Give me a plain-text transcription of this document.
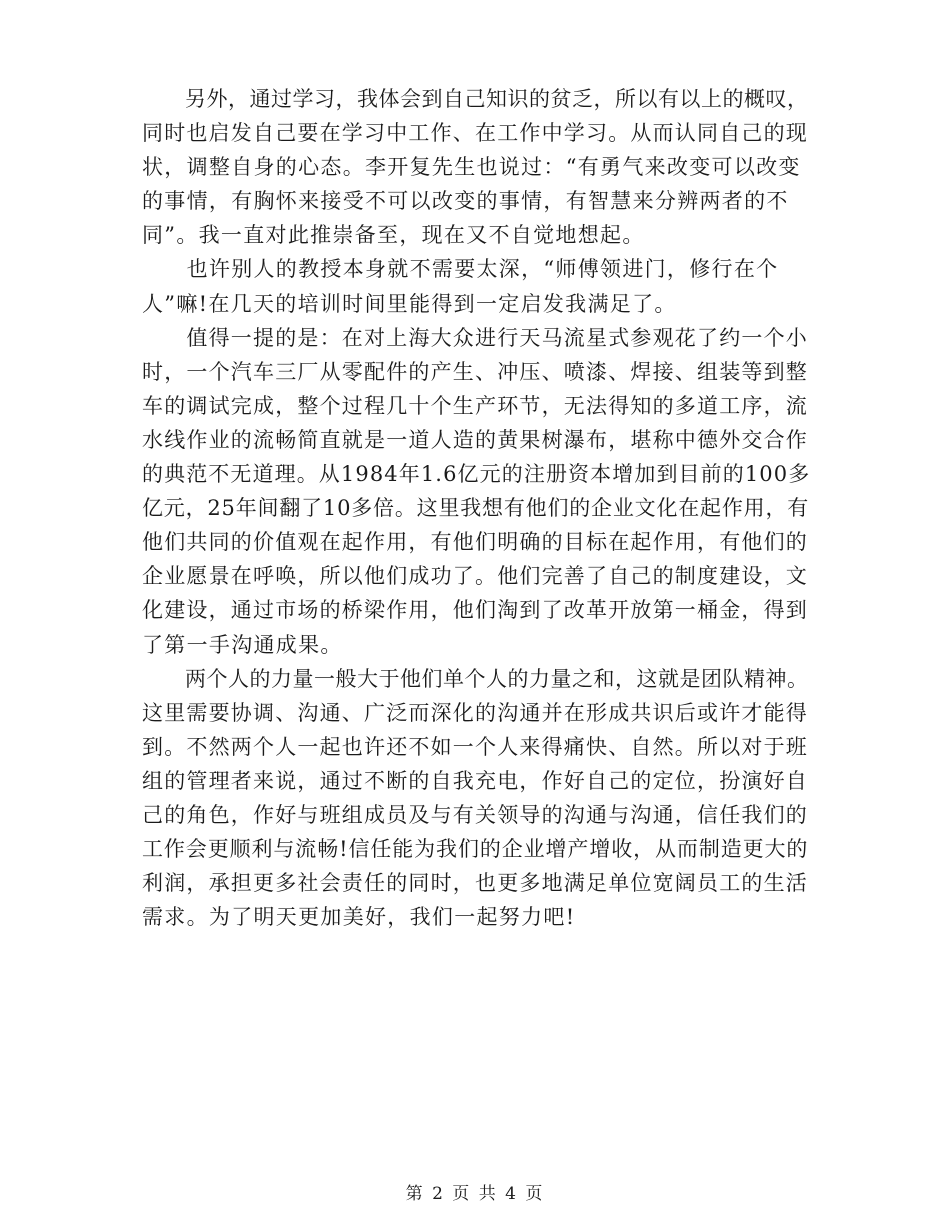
　　另外，通过学习，我体会到自己知识的贫乏，所以有以上的概叹，
同时也启发自己要在学习中工作、在工作中学习。从而认同自己的现
状，调整自身的心态。李开复先生也说过：“有勇气来改变可以改变
的事情，有胸怀来接受不可以改变的事情，有智慧来分辨两者的不
同”。我一直对此推崇备至，现在又不自觉地想起。
　　也许别人的教授本身就不需要太深，“师傅领进门，修行在个
人”嘛!在几天的培训时间里能得到一定启发我满足了。
　　值得一提的是：在对上海大众进行天马流星式参观花了约一个小
时，一个汽车三厂从零配件的产生、冲压、喷漆、焊接、组装等到整
车的调试完成，整个过程几十个生产环节，无法得知的多道工序，流
水线作业的流畅简直就是一道人造的黄果树瀑布，堪称中德外交合作
的典范不无道理。从1984年1.6亿元的注册资本增加到目前的100多
亿元，25年间翻了10多倍。这里我想有他们的企业文化在起作用，有
他们共同的价值观在起作用，有他们明确的目标在起作用，有他们的
企业愿景在呼唤，所以他们成功了。他们完善了自己的制度建设，文
化建设，通过市场的桥梁作用，他们淘到了改革开放第一桶金，得到
了第一手沟通成果。
　　两个人的力量一般大于他们单个人的力量之和，这就是团队精神。
这里需要协调、沟通、广泛而深化的沟通并在形成共识后或许才能得
到。不然两个人一起也许还不如一个人来得痛快、自然。所以对于班
组的管理者来说，通过不断的自我充电，作好自己的定位，扮演好自
己的角色，作好与班组成员及与有关领导的沟通与沟通，信任我们的
工作会更顺利与流畅!信任能为我们的企业增产增收，从而制造更大的
利润，承担更多社会责任的同时，也更多地满足单位宽阔员工的生活
需求。为了明天更加美好，我们一起努力吧!
第 2 页 共 4 页
